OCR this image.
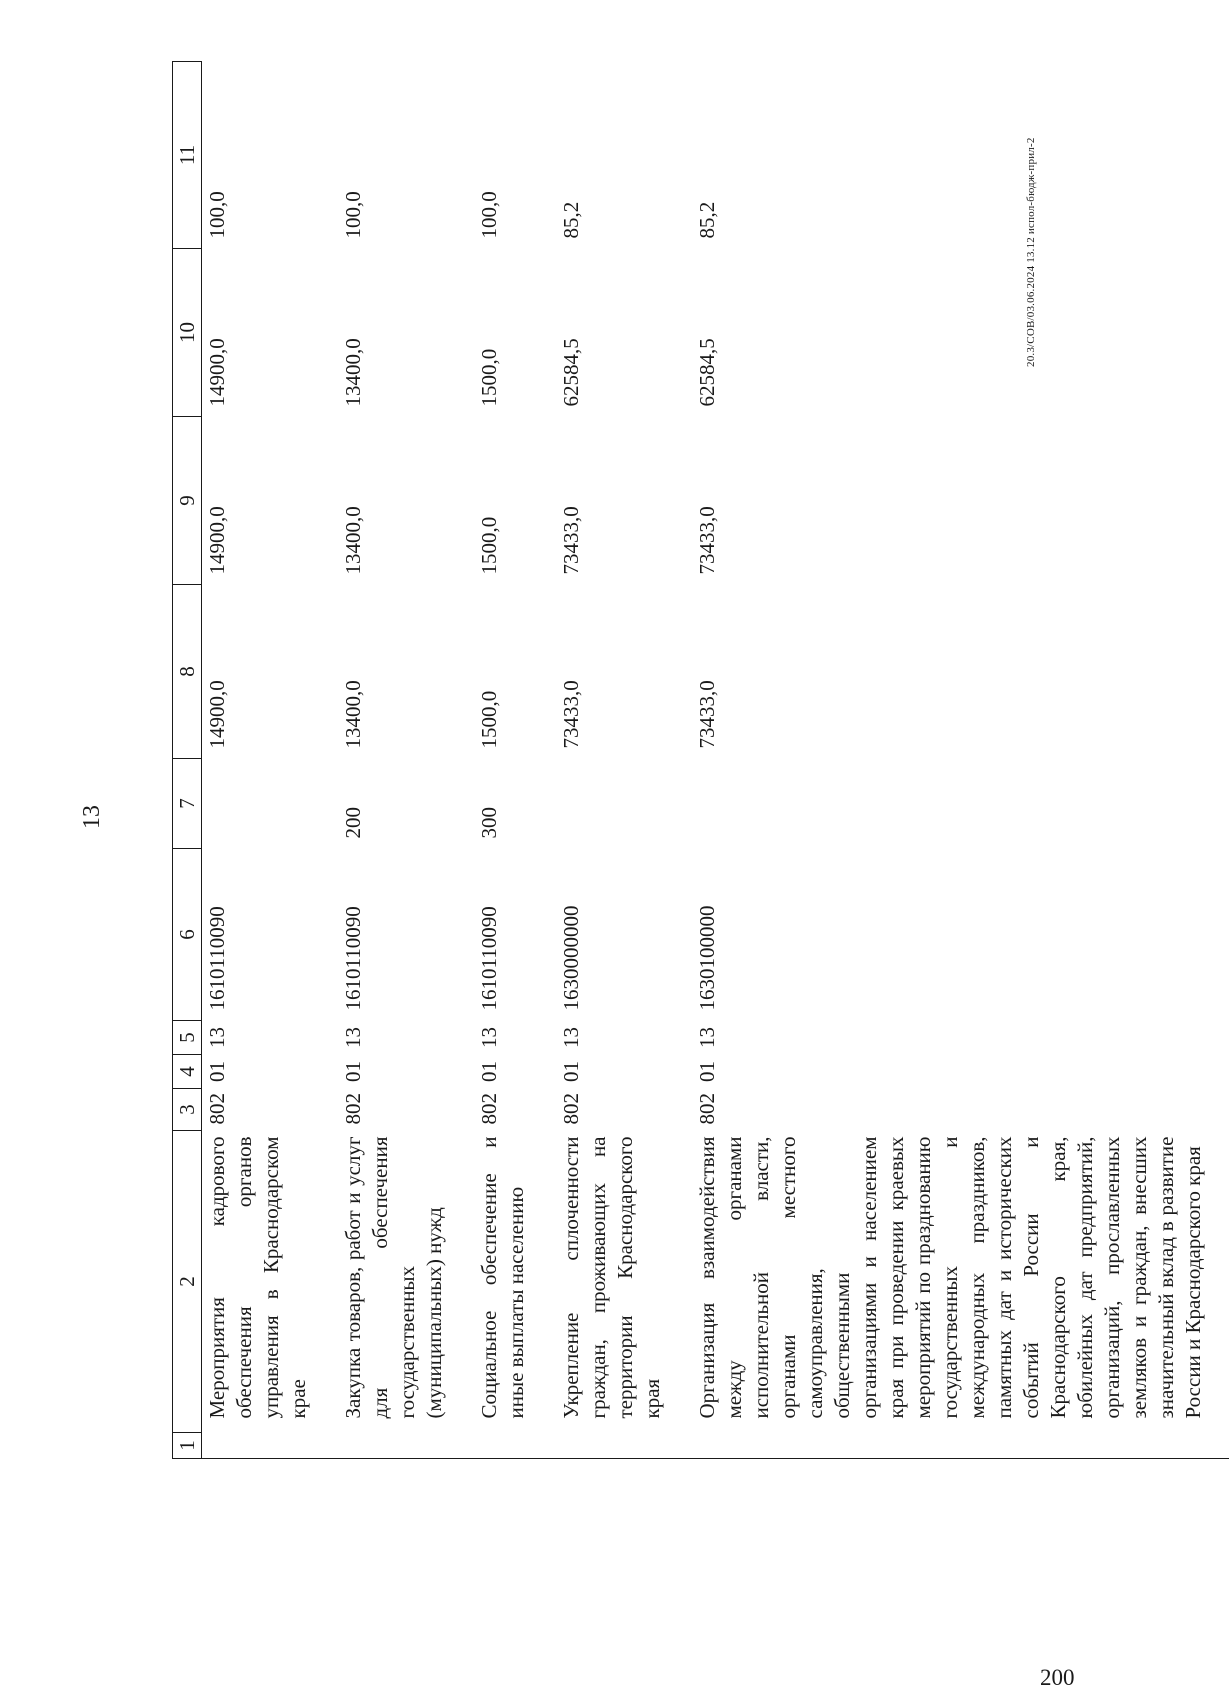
13
1	2	3	4	5	6	7	8	9	10	11
	Мероприятия кадрового обеспечения органов управления в Краснодарском крае	802	01	13	1610110090		14900,0	14900,0	14900,0	100,0
	Закупка товаров, работ и услуг для обеспечения государственных (муниципальных) нужд	802	01	13	1610110090	200	13400,0	13400,0	13400,0	100,0
	Социальное обеспечение и иные выплаты населению	802	01	13	1610110090	300	1500,0	1500,0	1500,0	100,0
	Укрепление сплоченности граждан, проживающих на территории Краснодарского края	802	01	13	1630000000		73433,0	73433,0	62584,5	85,2
	Организация взаимодействия между органами исполнительной власти, органами местного самоуправления, общественными организациями и населением края при проведении краевых мероприятий по празднованию государственных и международных праздников, памятных дат и исторических событий России и Краснодарского края, юбилейных дат предприятий, организаций, прославленных земляков и граждан, внесших значительный вклад в развитие России и Краснодарского края	802	01	13	1630100000		73433,0	73433,0	62584,5	85,2	20.3/СОВ/03.06.2024 13.12 испол-бюдж-прил-2
200
